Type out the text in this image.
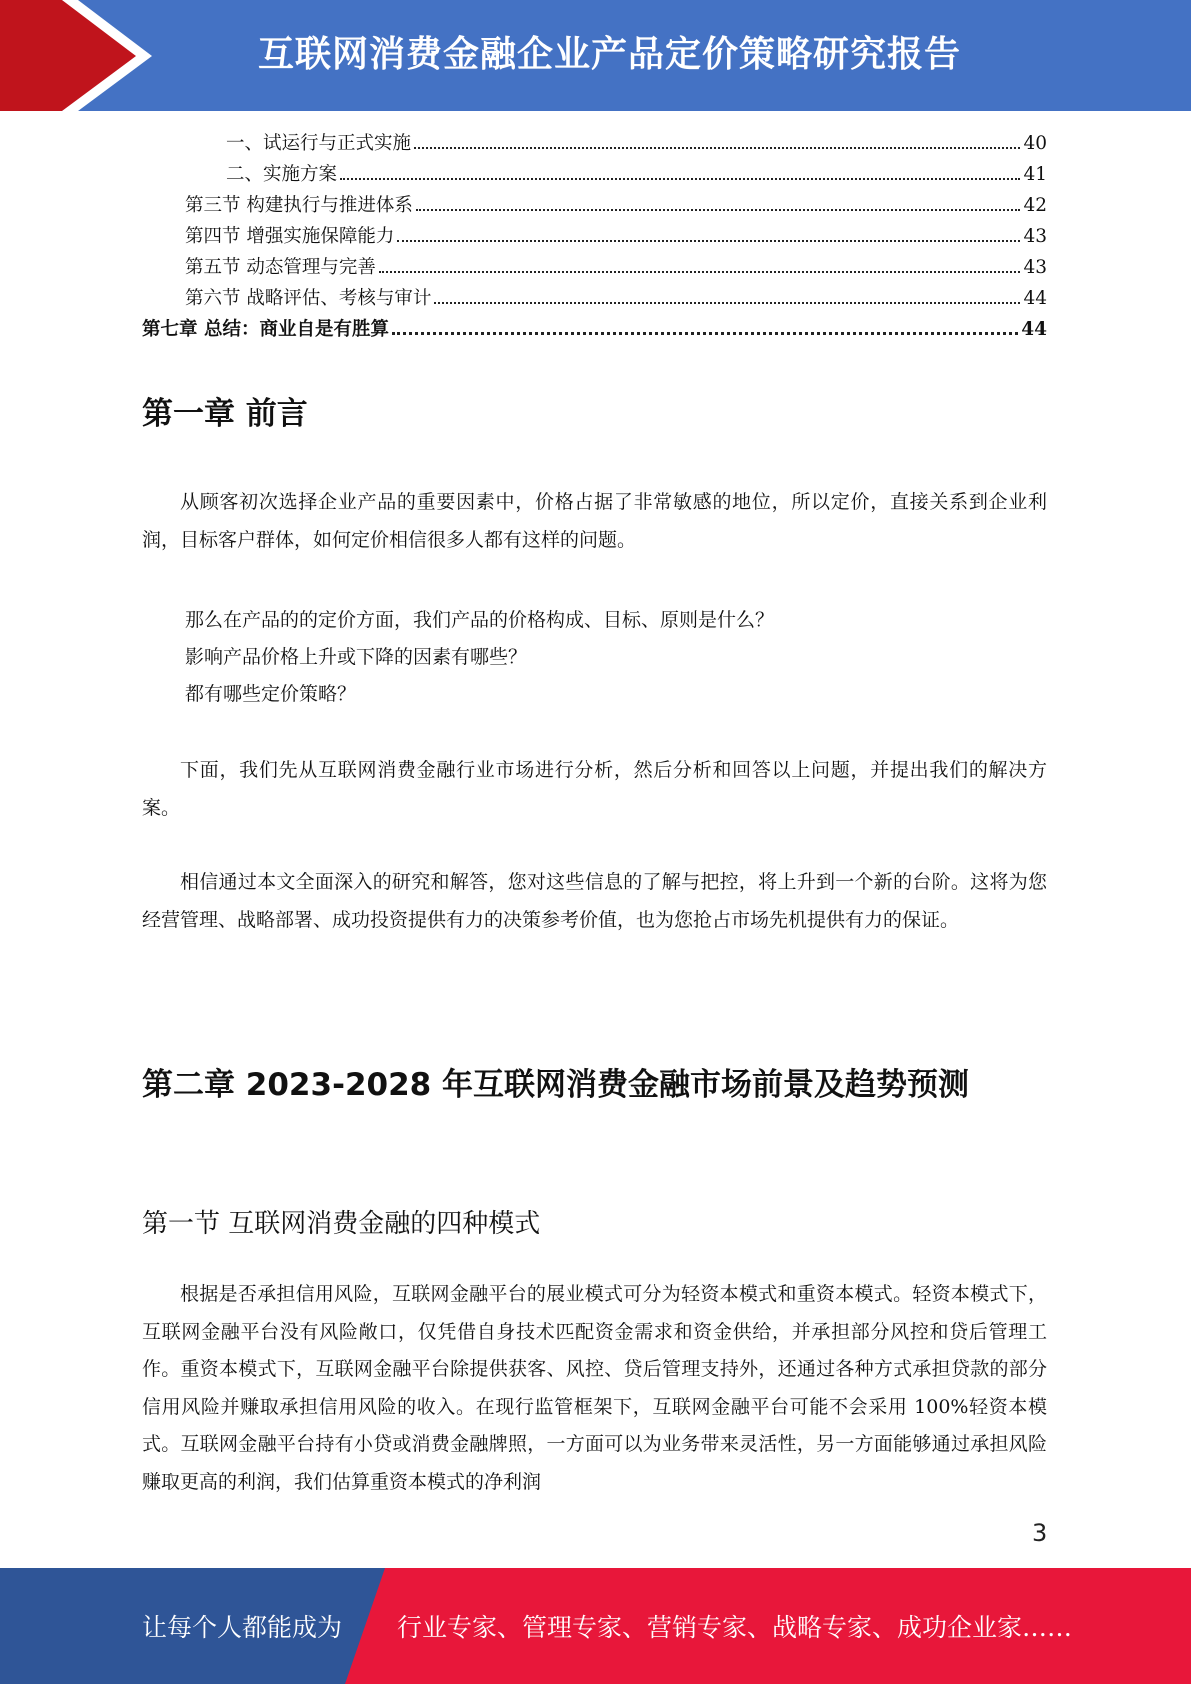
互联网消费金融企业产品定价策略研究报告
一、试运行与正式实施	40
二、实施方案	41
第三节 构建执行与推进体系	42
第四节 增强实施保障能力	43
第五节 动态管理与完善	43
第六节 战略评估、考核与审计	44
第七章 总结：商业自是有胜算	44
第一章 前言

从顾客初次选择企业产品的重要因素中，价格占据了非常敏感的地位，所以定价，直接关系到企业利润，目标客户群体，如何定价相信很多人都有这样的问题。

那么在产品的的定价方面，我们产品的价格构成、目标、原则是什么？

影响产品价格上升或下降的因素有哪些？

都有哪些定价策略？

下面，我们先从互联网消费金融行业市场进行分析，然后分析和回答以上问题，并提出我们的解决方案。

相信通过本文全面深入的研究和解答，您对这些信息的了解与把控，将上升到一个新的台阶。这将为您经营管理、战略部署、成功投资提供有力的决策参考价值，也为您抢占市场先机提供有力的保证。

第二章 2023-2028 年互联网消费金融市场前景及趋势预测
第一节 互联网消费金融的四种模式

根据是否承担信用风险，互联网金融平台的展业模式可分为轻资本模式和重资本模式。轻资本模式下，互联网金融平台没有风险敞口，仅凭借自身技术匹配资金需求和资金供给，并承担部分风控和贷后管理工作。重资本模式下，互联网金融平台除提供获客、风控、贷后管理支持外，还通过各种方式承担贷款的部分信用风险并赚取承担信用风险的收入。在现行监管框架下，互联网金融平台可能不会采用 100%轻资本模式。互联网金融平台持有小贷或消费金融牌照，一方面可以为业务带来灵活性，另一方面能够通过承担风险赚取更高的利润，我们估算重资本模式的净利润

3
让每个人都能成为 行业专家、管理专家、营销专家、战略专家、成功企业家……
